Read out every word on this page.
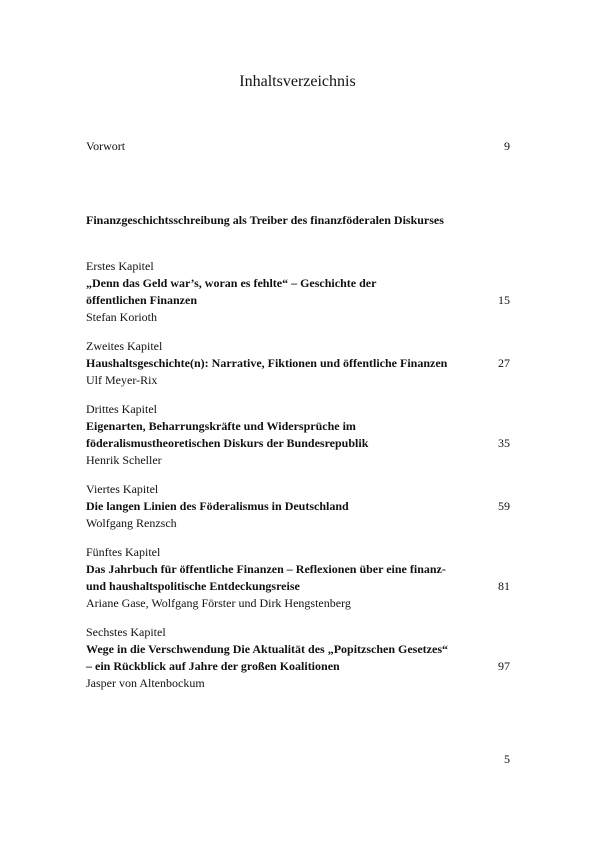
Inhaltsverzeichnis
Vorwort	9
Finanzgeschichtsschreibung als Treiber des finanzföderalen Diskurses
Erstes Kapitel
„Denn das Geld war’s, woran es fehlte“ – Geschichte der
öffentlichen Finanzen
Stefan Korioth
15
Zweites Kapitel
Haushaltsgeschichte(n): Narrative, Fiktionen und öffentliche Finanzen
Ulf Meyer-Rix
27
Drittes Kapitel
Eigenarten, Beharrungskräfte und Widersprüche im
föderalismustheoretischen Diskurs der Bundesrepublik
Henrik Scheller
35
Viertes Kapitel
Die langen Linien des Föderalismus in Deutschland
Wolfgang Renzsch
59
Fünftes Kapitel
Das Jahrbuch für öffentliche Finanzen – Reflexionen über eine finanz-
und haushaltspolitische Entdeckungsreise
Ariane Gase, Wolfgang Förster und Dirk Hengstenberg
81
Sechstes Kapitel
Wege in die Verschwendung Die Aktualität des „Popitzschen Gesetzes“
– ein Rückblick auf Jahre der großen Koalitionen
Jasper von Altenbockum
97
5
